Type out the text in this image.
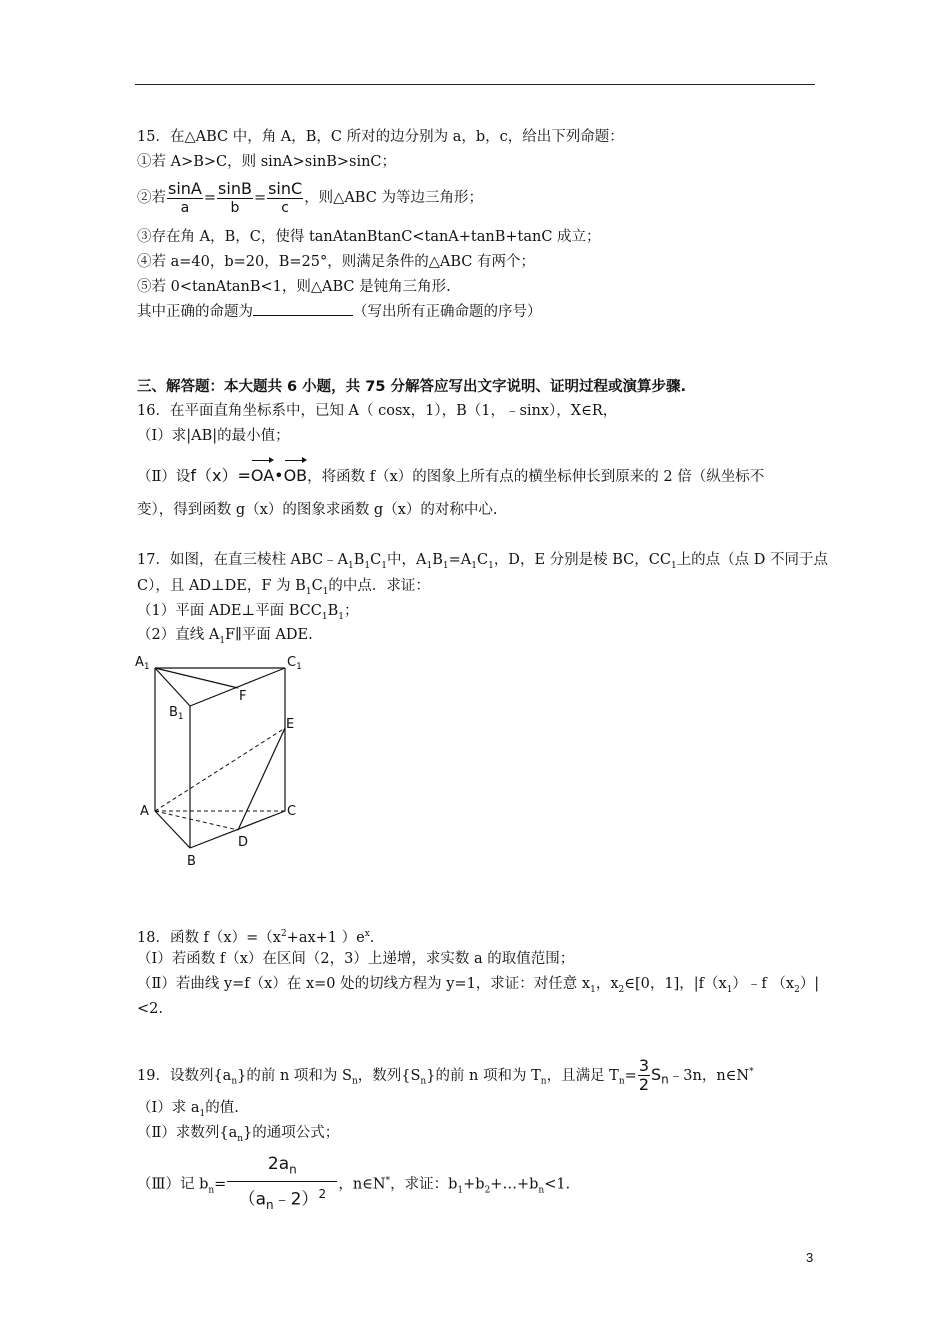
15．在△ABC 中，角 A，B，C 所对的边分别为 a，b，c，给出下列命题：
①若 A>B>C，则 sinA>sinB>sinC；
②若 $\frac{\sin A}{a} = \frac{\sin B}{b} = \frac{\sin C}{c}$ ，则△ABC 为等边三角形；
③存在角 A，B，C，使得 tanAtanBtanC<tanA+tanB+tanC 成立；
④若 a=40，b=20，B=25°，则满足条件的△ABC 有两个；
⑤若 0<tanAtanB<1，则△ABC 是钝角三角形.
其中正确的命题为	（写出所有正确命题的序号）
三、解答题：本大题共 6 小题，共 75 分解答应写出文字说明、证明过程或演算步骤.
16．在平面直角坐标系中，已知 A（ cosx，1），B（1，﹣sinx），X∈R，
（Ⅰ）求|AB|的最小值；
（Ⅱ）设f（x）=OA•OB，将函数 f（x）的图象上所有点的横坐标伸长到原来的 2 倍（纵坐标不
变），得到函数 g（x）的图象求函数 g（x）的对称中心.
17．如图，在直三棱柱 $ABC﹣A_1B_1C_1$中，$A_1B_1=A_1C_1$，D，E 分别是棱 BC，$CC_1$上的点（点 D 不同于点
C），且 AD⊥DE，F 为 $B_1C_1$的中点．求证：
（1）平面 ADE⊥平面 $BCC_1B_1$；
（2）直线 $A_1F\parallel$平面 ADE.
$A_1$	$C_1$
$B_1$
F
E
A	C
D
B
18．函数 $f(x)=(x^2+ax+1$ ）$e^x$.
（Ⅰ）若函数 f（x）在区间（2，3）上递增，求实数 a 的取值范围；
（Ⅱ）若曲线 y=f（x）在 x=0 处的切线方程为 y=1，求证：对任意 $x_1$，$x_2\in[0$，1]，$|f(x_1)﹣f$ $(x_2)|$
<2.
19．设数列$\{a_n\}$的前 n 项和为 $S_n$，数列$\{S_n\}$的前 n 项和为 $T_n$，且满足 $T_n= \frac{3}{2}$ $S_n﹣3n$，n∈N*
（Ⅰ）求 $a_1$的值.
（Ⅱ）求数列$\{a_n\}$的通项公式；
（Ⅲ）记 $b_n= \frac{2a_n}{(a_n﹣2)^2}$ ，n∈N*，求证：$b_1+b_2+\dots+b_n<1$.
3
